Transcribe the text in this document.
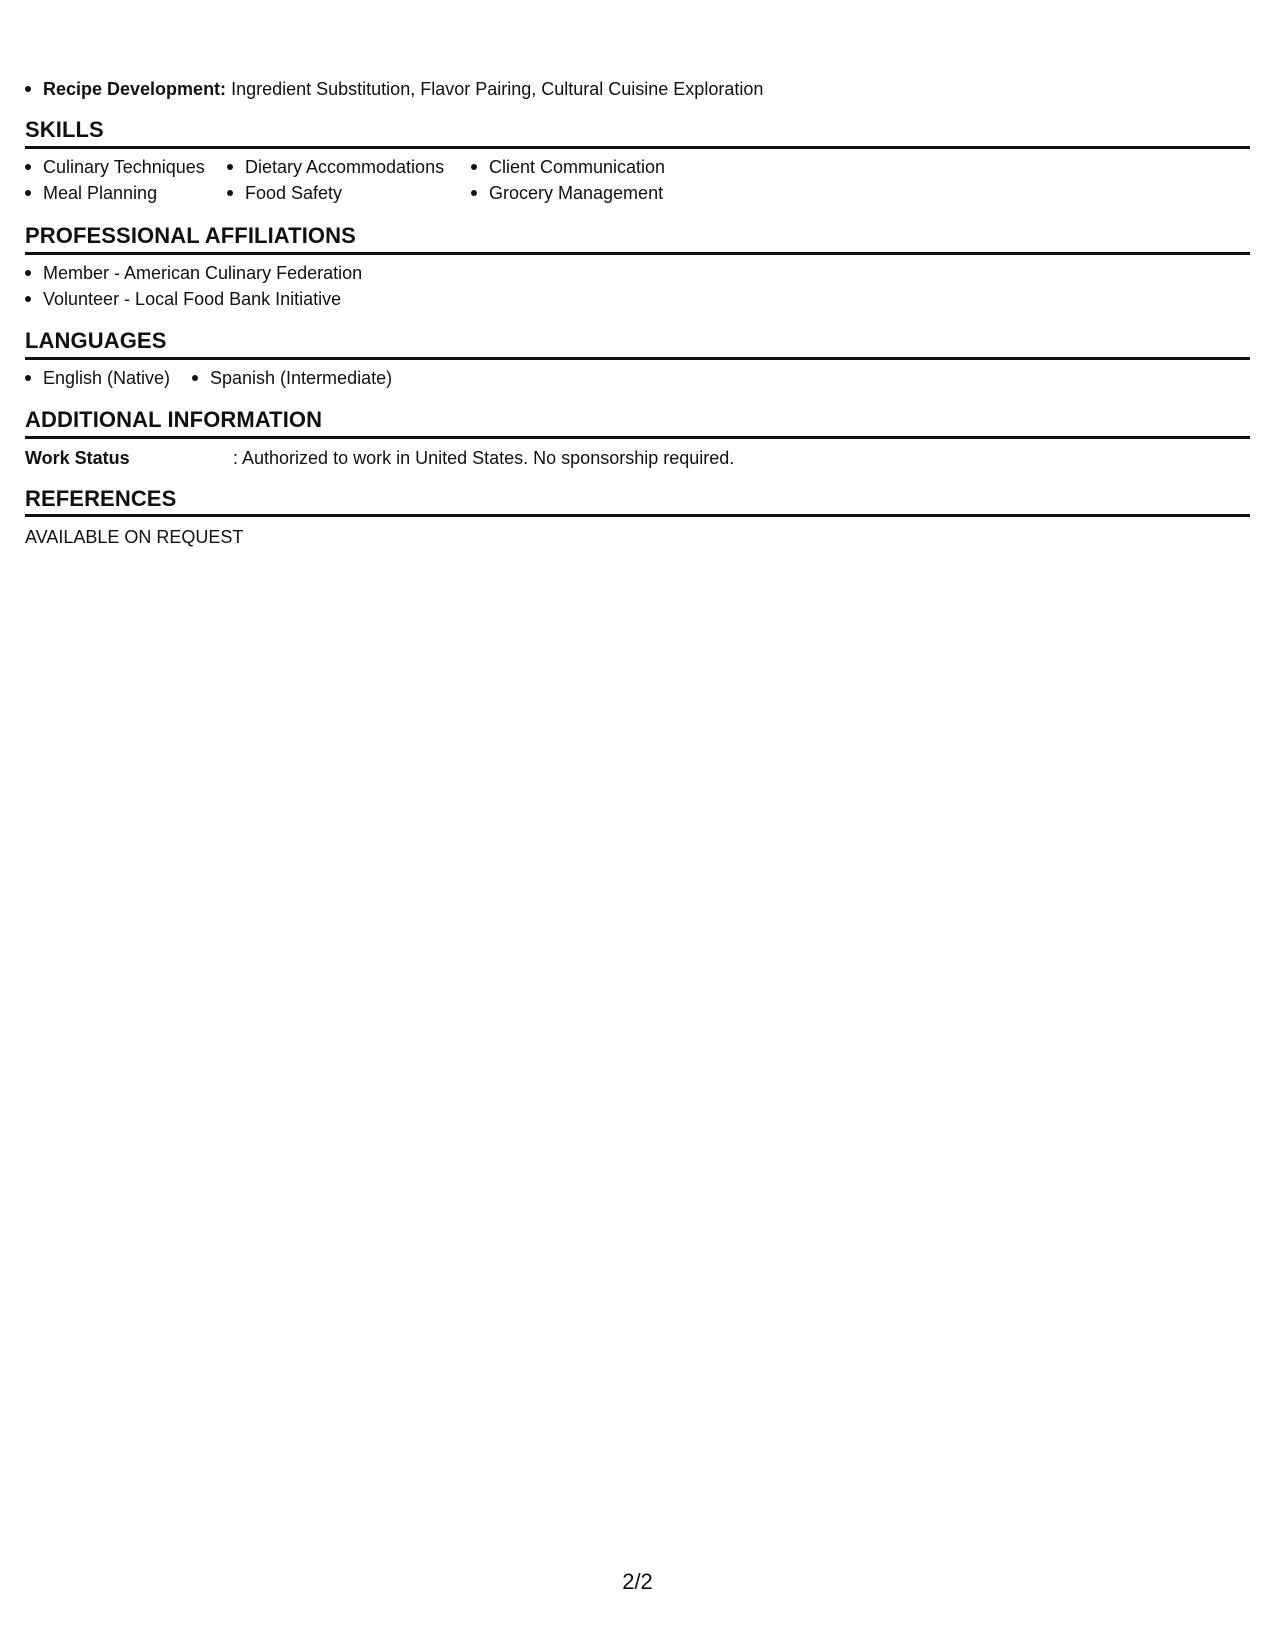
Recipe Development: Ingredient Substitution, Flavor Pairing, Cultural Cuisine Exploration
SKILLS
Culinary Techniques
Meal Planning
Dietary Accommodations
Food Safety
Client Communication
Grocery Management
PROFESSIONAL AFFILIATIONS
Member - American Culinary Federation
Volunteer - Local Food Bank Initiative
LANGUAGES
English (Native)	Spanish (Intermediate)
ADDITIONAL INFORMATION
Work Status	: Authorized to work in United States. No sponsorship required.
REFERENCES
AVAILABLE ON REQUEST
2/2
